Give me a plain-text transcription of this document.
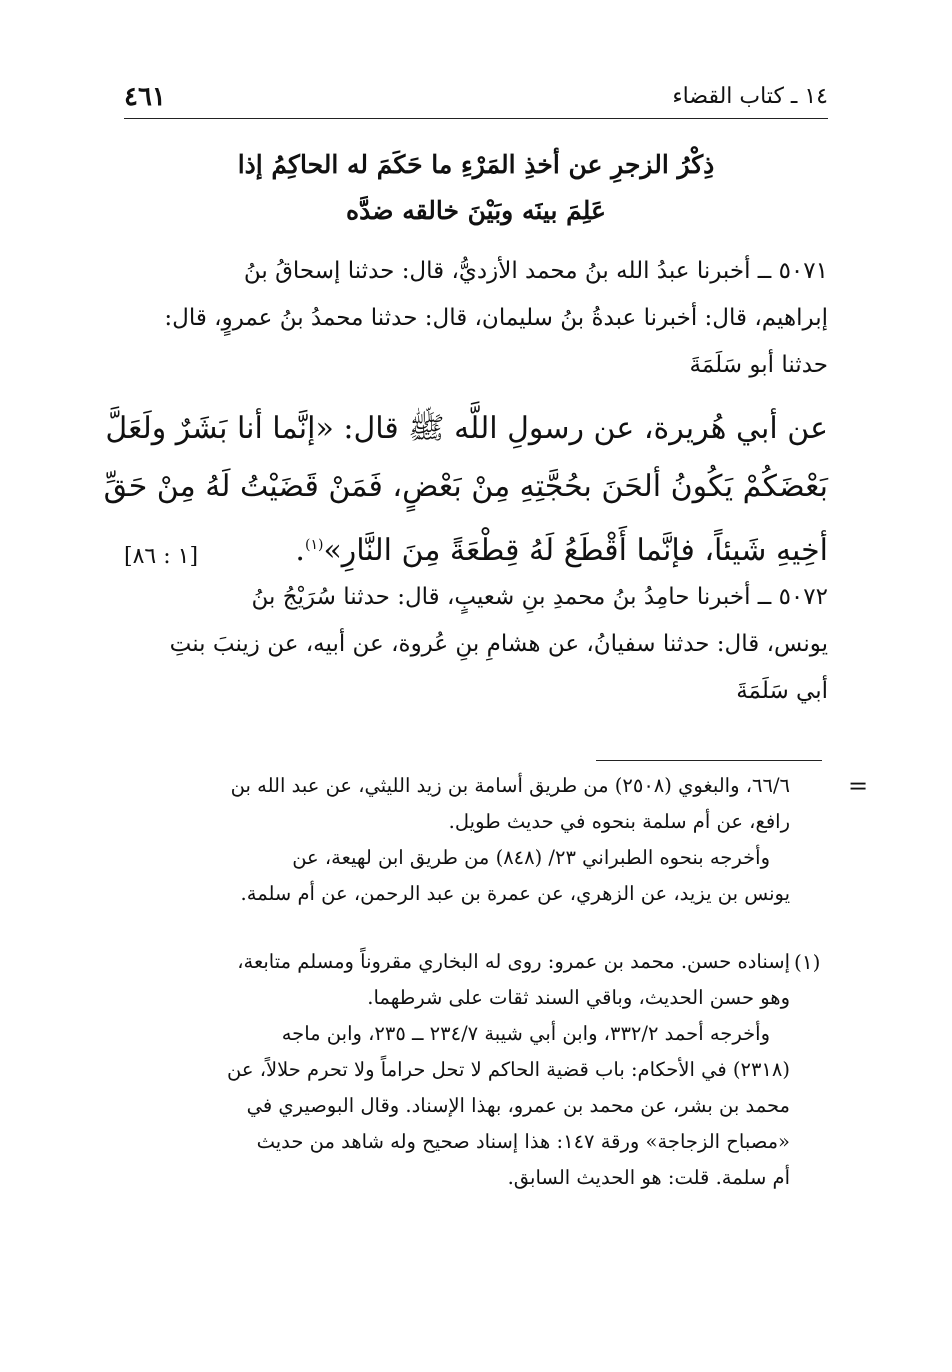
١٤ ـ كتاب القضاء
٤٦١
ذِكْرُ الزجرِ عن أخذِ المَرْءِ ما حَكَمَ له الحاكِمُ إذا
عَلِمَ بينَه وبَيْنَ خالقه ضدَّه
٥٠٧١ ــ أخبرنا عبدُ الله بنُ محمد الأزديُّ، قال: حدثنا إسحاقُ بنُ
إبراهيم، قال: أخبرنا عبدةُ بنُ سليمان، قال: حدثنا محمدُ بنُ عمروٍ، قال:
حدثنا أبو سَلَمَةَ
عن أبي هُريرة، عن رسولِ اللَّه ﷺ قال: «إنَّما أنا بَشَرٌ ولَعَلَّ
بَعْضَكُمْ يَكُونُ ألحَنَ بحُجَّتِهِ مِنْ بَعْضٍ، فَمَنْ قَضَيْتُ لَهُ مِنْ حَقِّ
أخِيهِ شَيئاً، فإنَّما أَقْطَعُ لَهُ قِطْعَةً مِنَ النَّارِ»$^{(١)}$.
[١ : ٨٦]
٥٠٧٢ ــ أخبرنا حامِدُ بنُ محمدِ بنِ شعيبٍ، قال: حدثنا سُرَيْجُ بنُ
يونس، قال: حدثنا سفيانُ، عن هشامِ بنِ عُروة، عن أبيه، عن زينبَ بنتِ
أبي سَلَمَةَ
=
٦٦/٦، والبغوي (٢٥٠٨) من طريق أسامة بن زيد الليثي، عن عبد الله بن
رافع، عن أم سلمة بنحوه في حديث طويل.
وأخرجه بنحوه الطبراني ٢٣/ (٨٤٨) من طريق ابن لهيعة، عن
يونس بن يزيد، عن الزهري، عن عمرة بن عبد الرحمن، عن أم سلمة.
(١)
إسناده حسن. محمد بن عمرو: روى له البخاري مقروناً ومسلم متابعة،
وهو حسن الحديث، وباقي السند ثقات على شرطهما.
وأخرجه أحمد ٣٣٢/٢، وابن أبي شيبة ٢٣٤/٧ ــ ٢٣٥، وابن ماجه
(٢٣١٨) في الأحكام: باب قضية الحاكم لا تحل حراماً ولا تحرم حلالاً، عن
محمد بن بشر، عن محمد بن عمرو، بهذا الإسناد. وقال البوصيري في
«مصباح الزجاجة» ورقة ١٤٧: هذا إسناد صحيح وله شاهد من حديث
أم سلمة. قلت: هو الحديث السابق.
